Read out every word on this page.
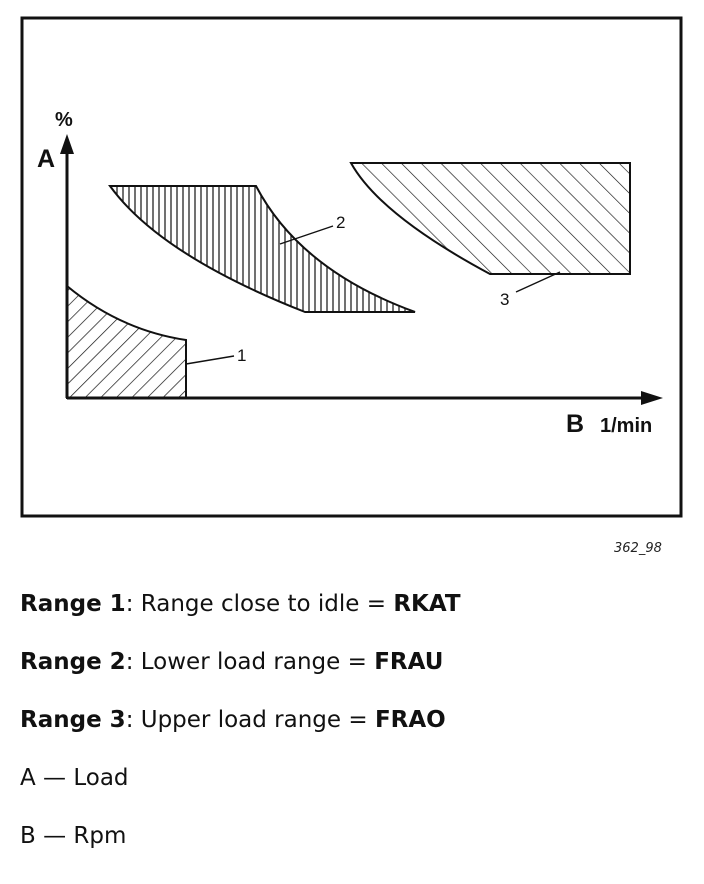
%
A
B 1/min
1
2
3
362_98
Range 1: Range close to idle = RKAT
Range 2: Lower load range = FRAU
Range 3: Upper load range = FRAO
A — Load
B — Rpm
